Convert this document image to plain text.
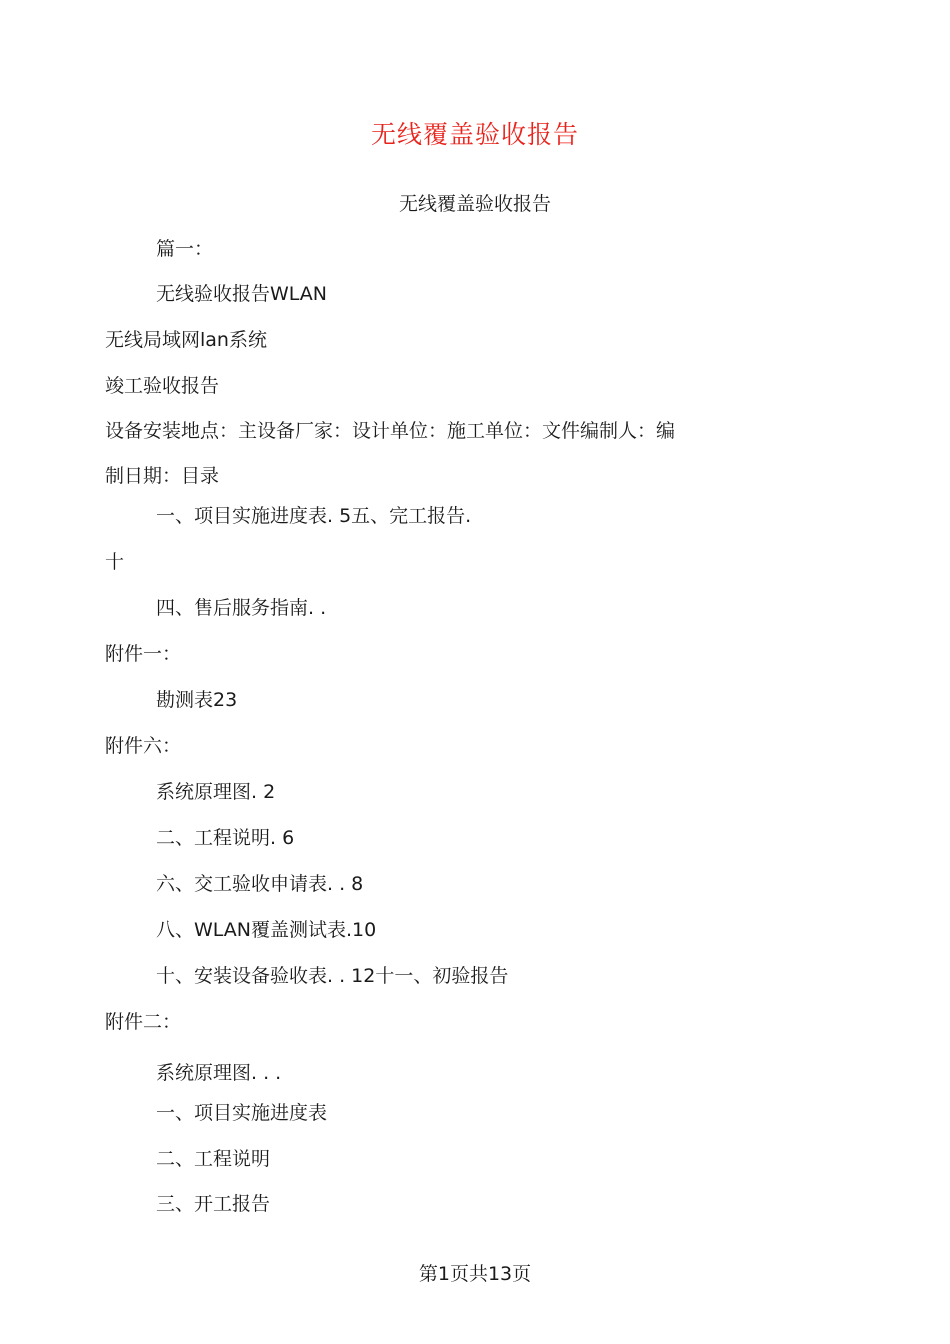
无线覆盖验收报告
无线覆盖验收报告
篇一：
无线验收报告WLAN
无线局域网lan系统
竣工验收报告
设备安装地点：主设备厂家：设计单位：施工单位：文件编制人：编
制日期：目录
一、项目实施进度表. 5五、完工报告.
十
四、售后服务指南. .
附件一：
勘测表23
附件六：
系统原理图. 2
二、工程说明. 6
六、交工验收申请表. . 8
八、WLAN覆盖测试表.10
十、安装设备验收表. . 12十一、初验报告
附件二：
系统原理图. . .
一、项目实施进度表
二、工程说明
三、开工报告
第1页共13页
